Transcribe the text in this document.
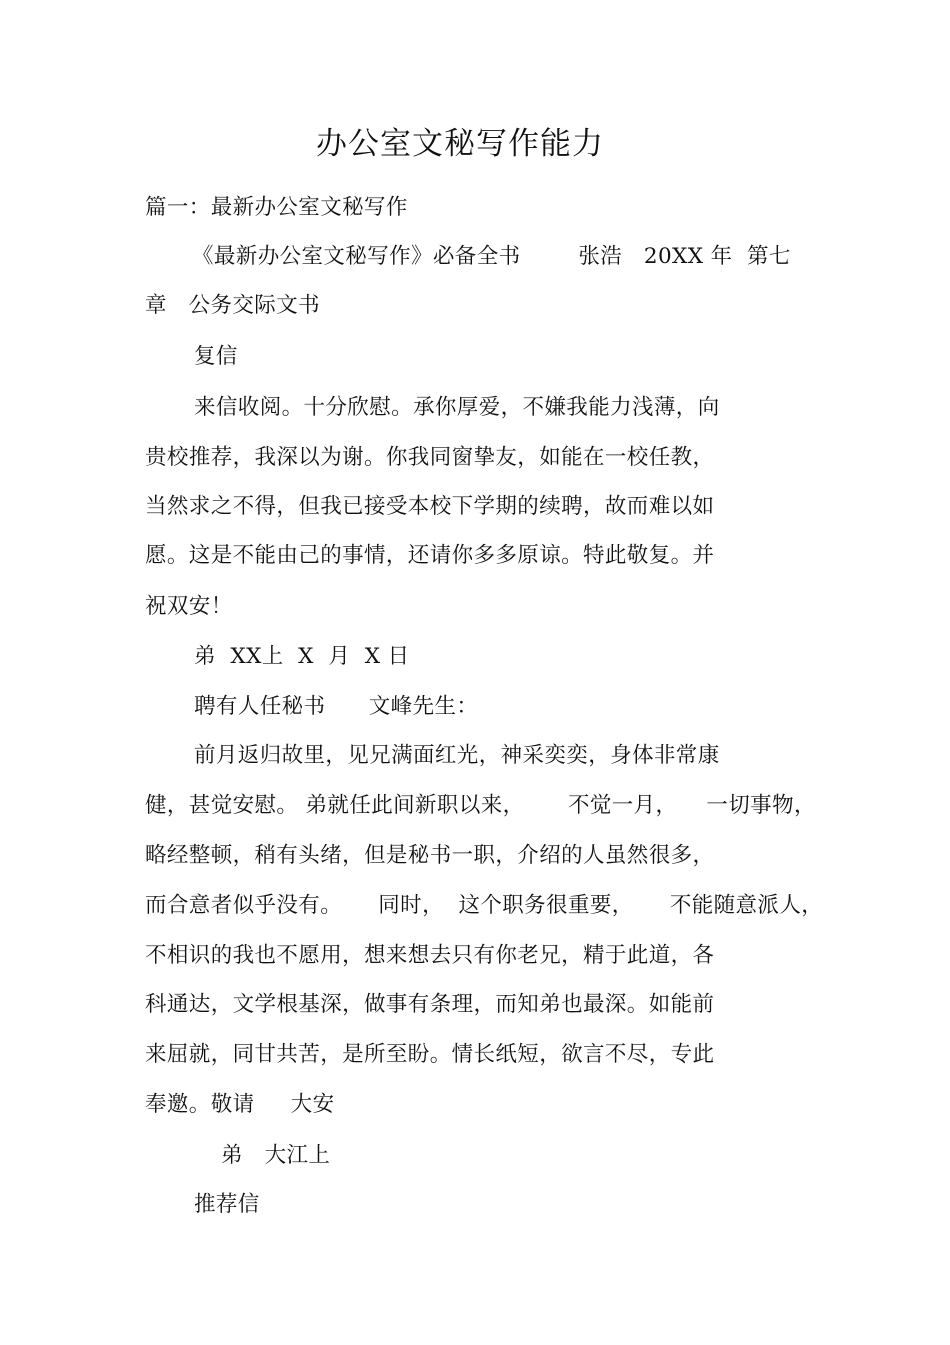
办公室文秘写作能力
篇一：最新办公室文秘写作
《最新办公室文秘写作》必备全书        张浩   20XX 年  第七
章   公务交际文书
复信
来信收阅。十分欣慰。承你厚爱，不嫌我能力浅薄，向
贵校推荐，我深以为谢。你我同窗挚友，如能在一校任教，
当然求之不得，但我已接受本校下学期的续聘，故而难以如
愿。这是不能由己的事情，还请你多多原谅。特此敬复。并
祝双安！
弟  XX上  X  月  X 日
聘有人任秘书      文峰先生：
前月返归故里，见兄满面红光，神采奕奕，身体非常康
健，甚觉安慰。 弟就任此间新职以来，      不觉一月，    一切事物，
略经整顿，稍有头绪，但是秘书一职，介绍的人虽然很多，
而合意者似乎没有。     同时，  这个职务很重要，     不能随意派人，
不相识的我也不愿用，想来想去只有你老兄，精于此道，各
科通达，文学根基深，做事有条理，而知弟也最深。如能前
来屈就，同甘共苦，是所至盼。情长纸短，欲言不尽，专此
奉邀。敬请     大安
弟   大江上
推荐信
